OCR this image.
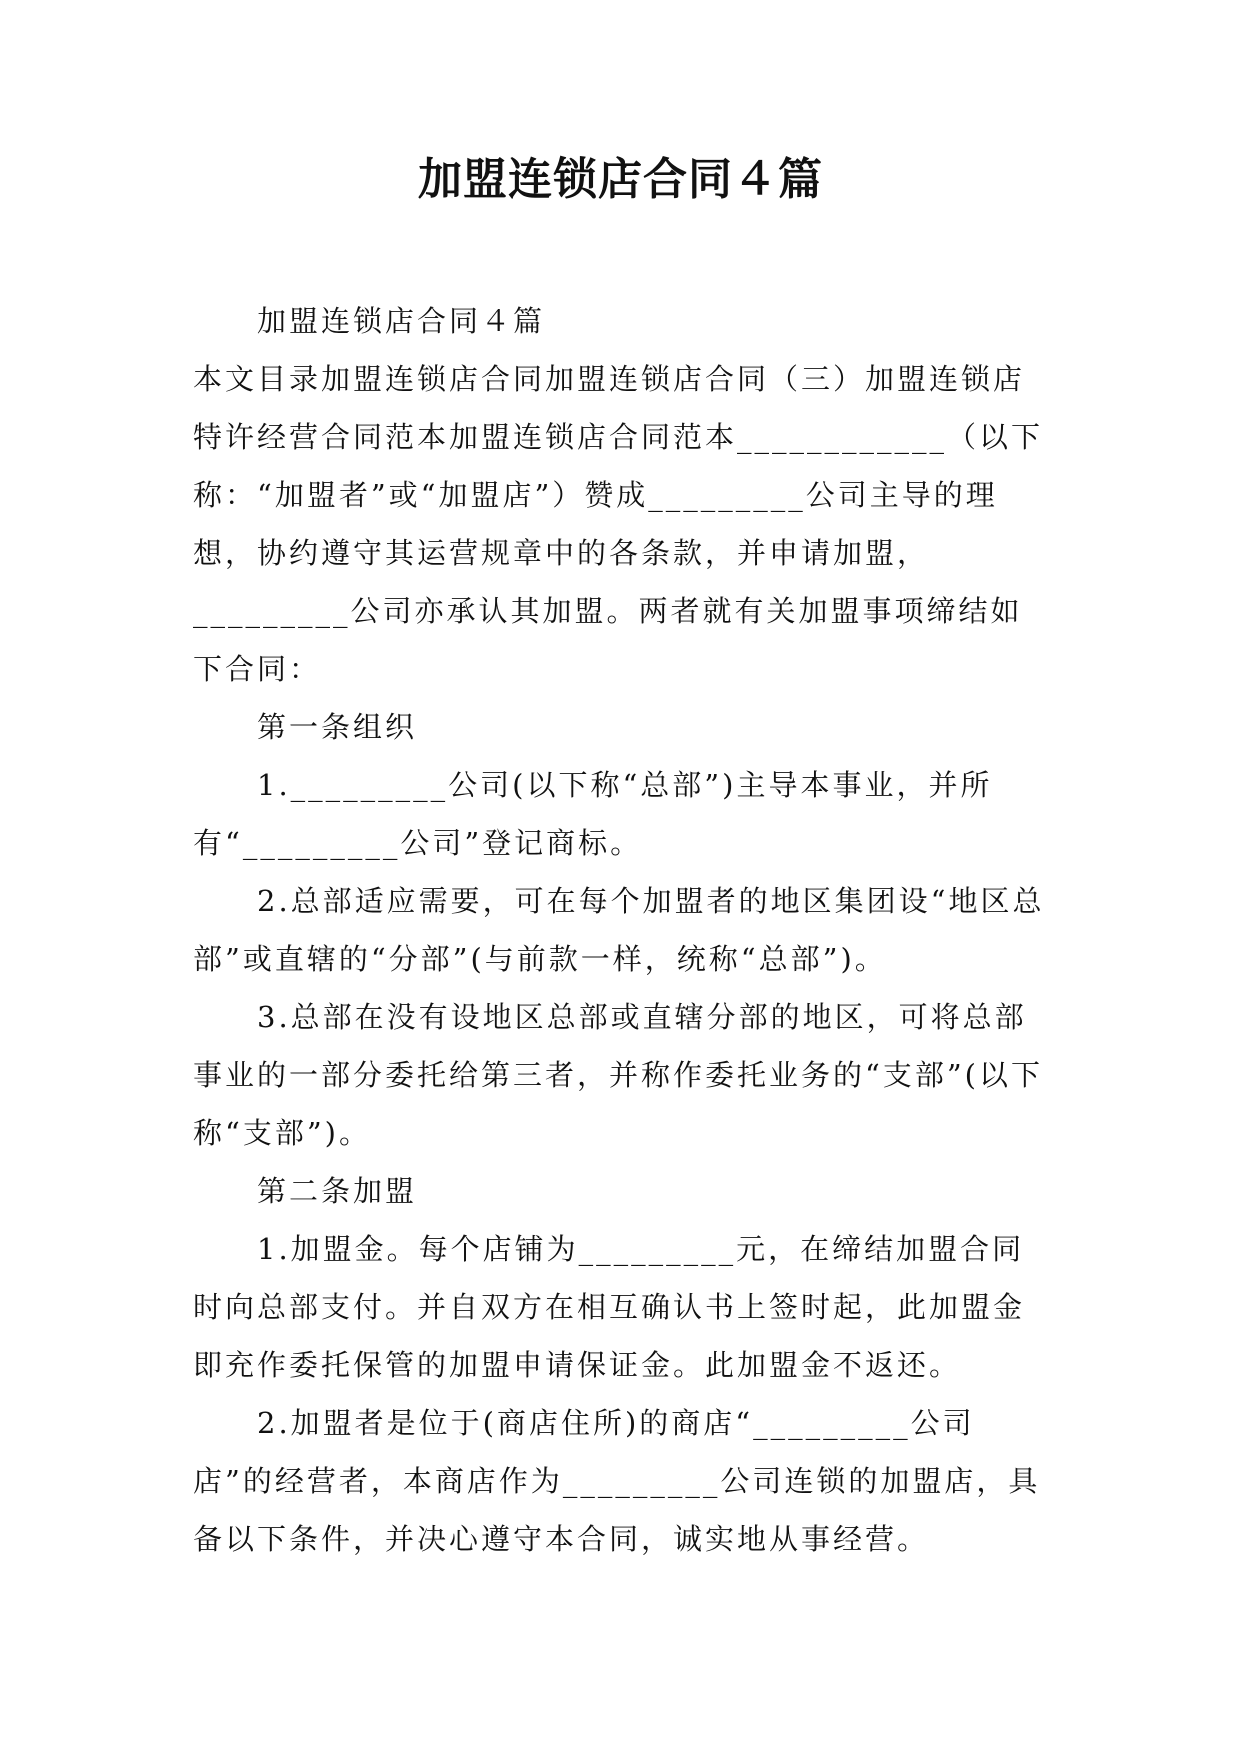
加盟连锁店合同４篇

加盟连锁店合同４篇

本文目录加盟连锁店合同加盟连锁店合同（三）加盟连锁店特许经营合同范本加盟连锁店合同范本____________（以下称：“加盟者”或“加盟店”）赞成_________公司主导的理想，协约遵守其运营规章中的各条款，并申请加盟，_________公司亦承认其加盟。两者就有关加盟事项缔结如下合同：

第一条组织

1._________公司(以下称“总部”)主导本事业，并所有“_________公司”登记商标。

2.总部适应需要，可在每个加盟者的地区集团设“地区总部”或直辖的“分部”(与前款一样，统称“总部”)。

3.总部在没有设地区总部或直辖分部的地区，可将总部事业的一部分委托给第三者，并称作委托业务的“支部”(以下称“支部”)。

第二条加盟

1.加盟金。每个店铺为_________元，在缔结加盟合同时向总部支付。并自双方在相互确认书上签时起，此加盟金即充作委托保管的加盟申请保证金。此加盟金不返还。

2.加盟者是位于(商店住所)的商店“_________公司店”的经营者，本商店作为_________公司连锁的加盟店，具备以下条件，并决心遵守本合同，诚实地从事经营。
